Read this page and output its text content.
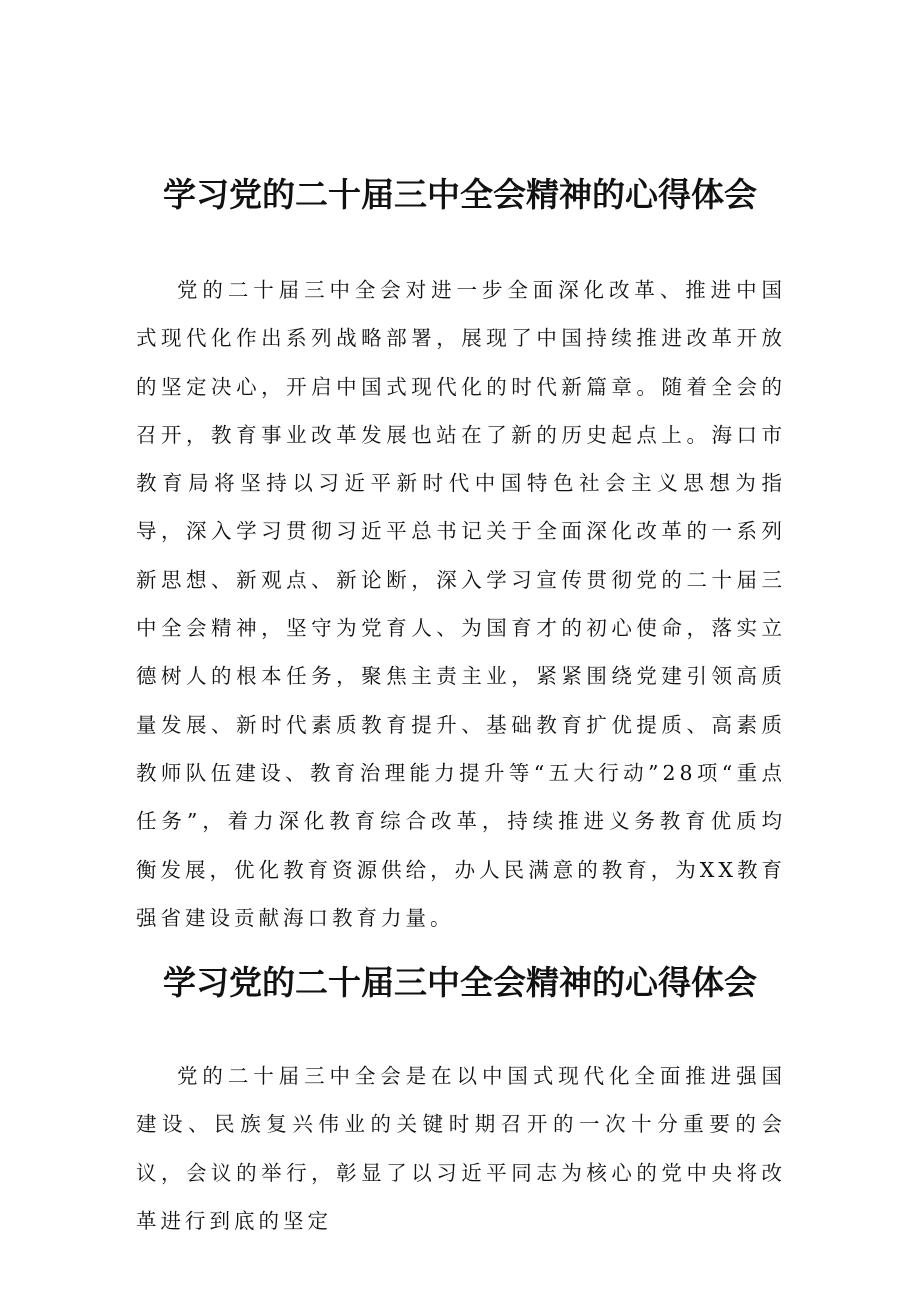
学习党的二十届三中全会精神的心得体会

党的二十届三中全会对进一步全面深化改革、推进中国式现代化作出系列战略部署，展现了中国持续推进改革开放的坚定决心，开启中国式现代化的时代新篇章。随着全会的召开，教育事业改革发展也站在了新的历史起点上。海口市教育局将坚持以习近平新时代中国特色社会主义思想为指导，深入学习贯彻习近平总书记关于全面深化改革的一系列新思想、新观点、新论断，深入学习宣传贯彻党的二十届三中全会精神，坚守为党育人、为国育才的初心使命，落实立德树人的根本任务，聚焦主责主业，紧紧围绕党建引领高质量发展、新时代素质教育提升、基础教育扩优提质、高素质教师队伍建设、教育治理能力提升等“五大行动”28项“重点任务”，着力深化教育综合改革，持续推进义务教育优质均衡发展，优化教育资源供给，办人民满意的教育，为XX教育强省建设贡献海口教育力量。

学习党的二十届三中全会精神的心得体会

党的二十届三中全会是在以中国式现代化全面推进强国建设、民族复兴伟业的关键时期召开的一次十分重要的会议，会议的举行，彰显了以习近平同志为核心的党中央将改革进行到底的坚定
